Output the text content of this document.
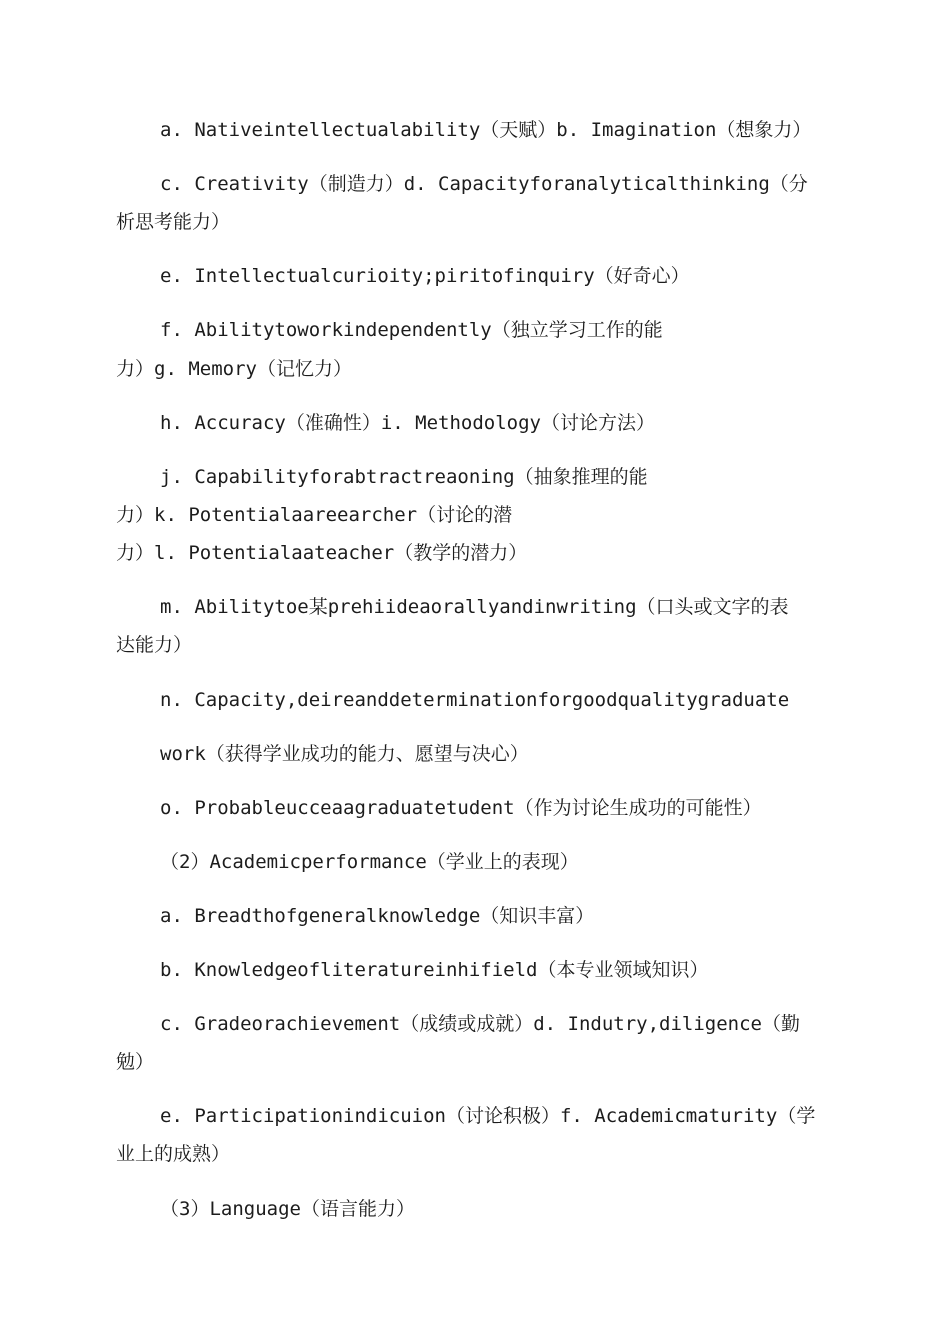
a. Nativeintellectualability（天赋）b. Imagination（想象力）
c. Creativity（制造力）d. Capacityforanalyticalthinking（分
析思考能力）
e. Intellectualcurioity;piritofinquiry（好奇心）
f. Abilitytoworkindependently（独立学习工作的能
力）g. Memory（记忆力）
h. Accuracy（准确性）i. Methodology（讨论方法）
j. Capabilityforabtractreaoning（抽象推理的能
力）k. Potentialaareearcher（讨论的潜
力）l. Potentialaateacher（教学的潜力）
m. Abilitytoe某prehiideaorallyandinwriting（口头或文字的表
达能力）
n. Capacity,deireanddeterminationforgoodqualitygraduate
work（获得学业成功的能力、愿望与决心）
o. Probableucceaagraduatetudent（作为讨论生成功的可能性）
（2）Academicperformance（学业上的表现）
a. Breadthofgeneralknowledge（知识丰富）
b. Knowledgeofliteratureinhifield（本专业领域知识）
c. Gradeorachievement（成绩或成就）d. Indutry,diligence（勤
勉）
e. Participationindicuion（讨论积极）f. Academicmaturity（学
业上的成熟）
（3）Language（语言能力）
